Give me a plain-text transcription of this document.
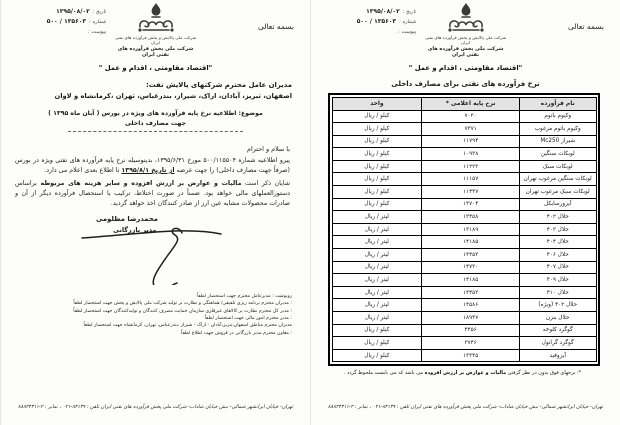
تاریخ :
۱۳۹۵/۰۸/۰۲
شماره :
۱۳۵۶۰۳ / ۵۰۰
پیوست :
شرکت ملی پالایش و پخش فرآورده های نفتی ایران
شرکت ملی پخش فرآورده های نفتی ایران
بسمه تعالی
"اقتصاد مقاومتی ، اقدام و عمل "
نرخ فرآورده های نفتی برای مصارف داخلی
نام فرآورده	نرخ پایه اعلامی *	واحد
وکیوم باتوم	۷۰۲۰	کیلو / ریال
وکیوم باتوم مرغوب	۷۳۷۱	کیلو / ریال
شیراز Mc250	۱۱۷۹۴	کیلو / ریال
لوبکات سنگین	۱۰۹۳۸	کیلو / ریال
لوبکات سبک	۱۱۲۲۳	کیلو / ریال
لوبکات سنگین مرغوب تهران	۱۱۱۵۷	کیلو / ریال
لوبکات سبک مرغوب تهران	۱۱۴۴۷	کیلو / ریال
آیزورسایکل	۱۴۷۰۴	کیلو / ریال
حلال ۴۰۲	۱۳۴۵۸	لیتر / ریال
حلال ۴۰۳	۱۳۱۸۹	لیتر / ریال
حلال ۴۰۴	۱۴۱۸۵	لیتر / ریال
حلال ۴۰۶	۱۴۴۵۳	لیتر / ریال
حلال ۴۰۷	۱۴۷۳۰	لیتر / ریال
حلال ۴۰۹	۱۴۱۸۵	لیتر / ریال
حلال ۴۱۰	۱۴۴۵۳	لیتر / ریال
حلال ۴۰۲ (ویژه)	۱۴۵۸۶	لیتر / ریال
حلال بنزن	۱۸۹۴۷	لیتر / ریال
گوگرد کلوخه	۴۴۵۶	کیلو / ریال
گوگرد گرانول	۳۷۴۶	کیلو / ریال
آیزوفید	۱۳۳۴۵	کیلو / ریال
*: نرخهای فوق بدون در نظر گرفتن مالیات و عوارض بر ارزش افزوده می باشد که می بایست ملحوظ گردد .
تهران- خیابان ایرانشهر شمالی- نبش خیابان شاداب- شرکت ملی پخش فرآورده های نفتی ایران تلفن : ۸۴۱۳۹-۰۲۱ ، نمابر : ۲-۸۸۸۲۴۳۱۱
تاریخ :
۱۳۹۵/۰۸/۰۲
شماره :
۱۳۵۶۰۳ / ۵۰۰
پیوست :
شرکت ملی پالایش و پخش فرآورده های نفتی ایران
شرکت ملی پخش فرآورده های نفتی ایران
بسمه تعالی
"اقتصاد مقاومتی ، اقدام و عمل "
مدیران عامل محترم شرکتهای پالایش نفت:
اصفهان، تبریز، آبادان، اراک، شیراز، بندرعباس، تهران ،کرمانشاه و لاوان
موضوع: اطلاعیه نرخ پایه فرآورده های ویژه در بورس ( آبان ماه ۱۳۹۵ )
جهت مصارف داخلی
با سلام و احترام

پیرو اطلاعیه شماره ۵۰۰/۱۱۵۵۰۴ مورخ ۱۳۹۵/۶/۳۱، بدینوسیله نرخ پایه فرآورده های نفتی ویژه در بورس (صرفاً جهت مصارف داخلی) را جهت عرضه از تاریخ ۱۳۹۵/۸/۱ تا اطلاع بعدی اعلام می دارد.

شایان ذکر است مالیات و عوارض بر ارزش افزوده و سایر هزینه های مربوطه براساس دستورالعملهای مالی خواهد بود. ضمناً در صورت اختلاط، ترکیب یا استحصال فرآورده دیگر از آن و صادرات محصولات مشابه عین ارز از صادر کنندگان اخذ خواهد گردید.

محمدرضا مظلومی
مدیر بازرگانی
رونوشت : مدیرعامل محترم جهت استحضار لطفاً
: مدیران محترم برنامه ریزی تلفیقی/ هماهنگی و نظارت بر تولید شرکت ملی پالایش و پخش جهت استحضار لطفاً
: مدیر کل محترم نظارت بر کالاهای غیرفلزی سازمان حمایت مصرف کنندگان و تولیدکنندگان جهت استحضار لطفاً
: مدیر محترم امور مالی جهت استحضار لطفاً
مدیران محترم مناطق اصفهان،تبریز،آبادان - اراک - شیراز ،بندرعباس، تهران، کرمانشاه جهت استحضار لطفاً
: معاون محترم مدیر بازرگانی در فروش جهت اطلاع لطفاً
تهران- خیابان ایرانشهر شمالی- نبش خیابان شاداب- شرکت ملی پخش فرآورده های نفتی ایران تلفن : ۸۴۱۳۹-۰۲۱ ، نمابر : ۲-۸۸۸۲۴۳۱۱
